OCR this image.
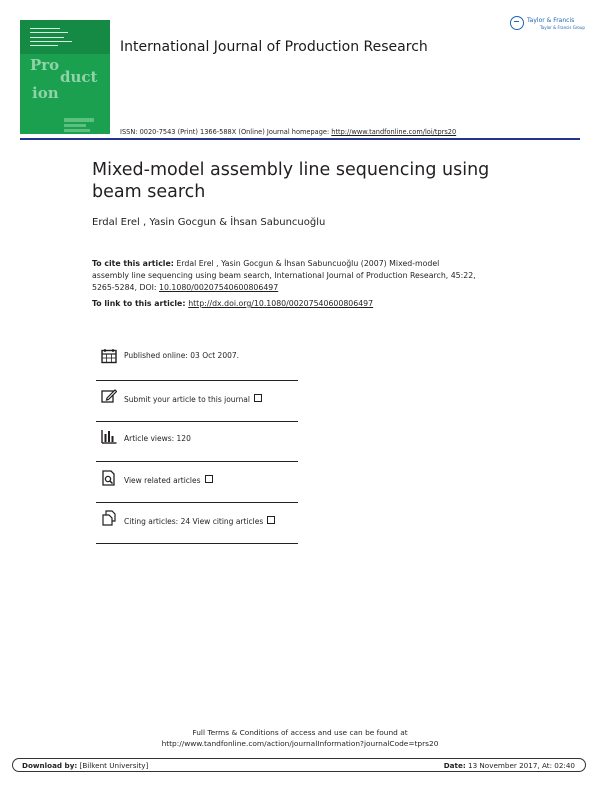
Pro
duct
ion
International Journal of Production Research
Taylor & Francis
Taylor & Francis Group
ISSN: 0020-7543 (Print) 1366-588X (Online) Journal homepage: http://www.tandfonline.com/loi/tprs20
Mixed-model assembly line sequencing using
beam search
Erdal Erel , Yasin Gocgun & İhsan Sabuncuoğlu
To cite this article: Erdal Erel , Yasin Gocgun & İhsan Sabuncuoğlu (2007) Mixed-model
assembly line sequencing using beam search, International Journal of Production Research, 45:22,
5265-5284, DOI: 10.1080/00207540600806497
To link to this article: http://dx.doi.org/10.1080/00207540600806497
Published online: 03 Oct 2007.
Submit your article to this journal
Article views: 120
View related articles
Citing articles: 24 View citing articles
Full Terms & Conditions of access and use can be found at
http://www.tandfonline.com/action/journalInformation?journalCode=tprs20
Download by: [Bilkent University]	Date: 13 November 2017, At: 02:40
